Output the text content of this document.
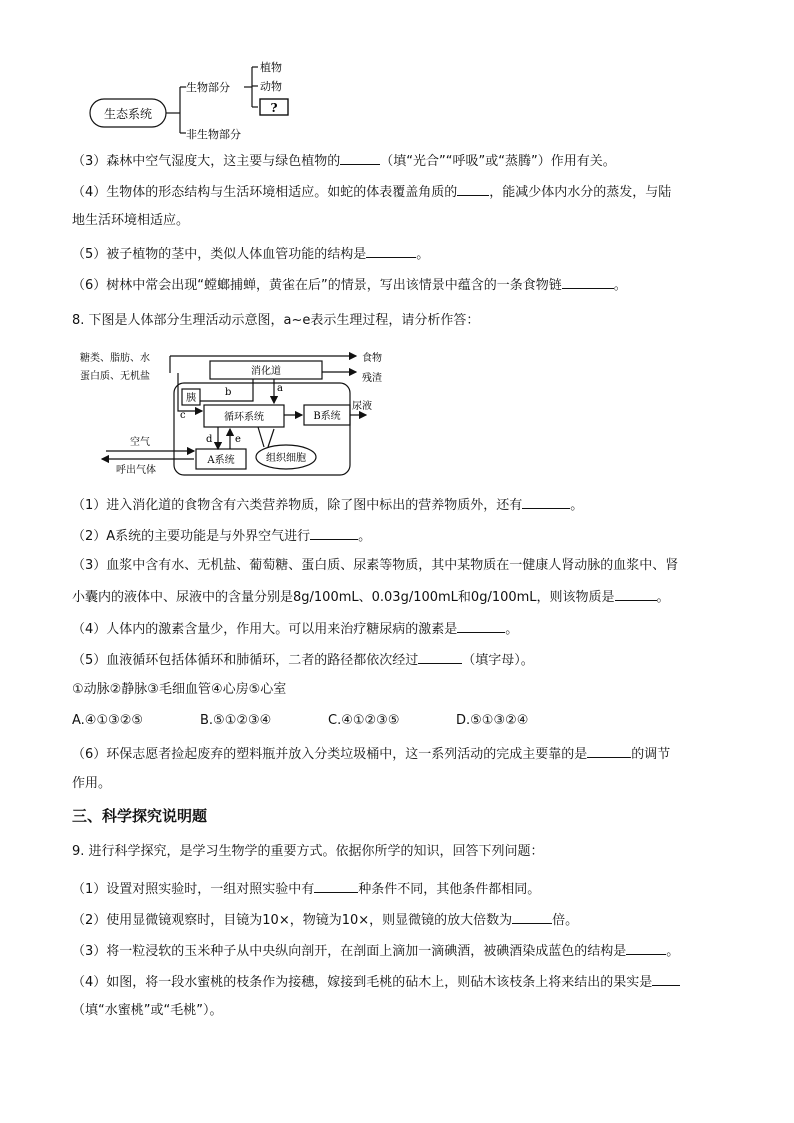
生态系统
生物部分
非生物部分
植物
动物
?
（3）森林中空气湿度大，这主要与绿色植物的	（填“光合”“呼吸”或“蒸腾”）作用有关。
（4）生物体的形态结构与生活环境相适应。如蛇的体表覆盖角质的 ，能减少体内水分的蒸发，与陆
地生活环境相适应。
（5）被子植物的茎中，类似人体血管功能的结构是	。
（6）树林中常会出现“螳螂捕蝉，黄雀在后”的情景，写出该情景中蕴含的一条食物链	。
8. 下图是人体部分生理活动示意图，a~e表示生理过程，请分析作答：
糖类、脂肪、水
蛋白质、无机盐
食物
消化道
残渣
b	a
胰
c	循环系统	B系统
尿液
d e
A系统	组织细胞
空气
呼出气体
（1）进入消化道的食物含有六类营养物质，除了图中标出的营养物质外，还有	。
（2）A系统的主要功能是与外界空气进行	。
（3）血浆中含有水、无机盐、葡萄糖、蛋白质、尿素等物质，其中某物质在一健康人肾动脉的血浆中、肾
小囊内的液体中、尿液中的含量分别是8g/100mL、0.03g/100mL和0g/100mL，则该物质是	。
（4）人体内的激素含量少，作用大。可以用来治疗糖尿病的激素是	。
（5）血液循环包括体循环和肺循环，二者的路径都依次经过	（填字母）。
①动脉②静脉③毛细血管④心房⑤心室
A.④①③②⑤	B.⑤①②③④	C.④①②③⑤	D.⑤①③②④
（6）环保志愿者捡起废弃的塑料瓶并放入分类垃圾桶中，这一系列活动的完成主要靠的是	的调节
作用。
三、科学探究说明题
9. 进行科学探究，是学习生物学的重要方式。依据你所学的知识，回答下列问题：
（1）设置对照实验时，一组对照实验中有	种条件不同，其他条件都相同。
（2）使用显微镜观察时，目镜为10×，物镜为10×，则显微镜的放大倍数为	倍。
（3）将一粒浸软的玉米种子从中央纵向剖开，在剖面上滴加一滴碘酒，被碘酒染成蓝色的结构是	。
（4）如图，将一段水蜜桃的枝条作为接穗，嫁接到毛桃的砧木上，则砧木该枝条上将来结出的果实是
（填“水蜜桃”或“毛桃”）。
